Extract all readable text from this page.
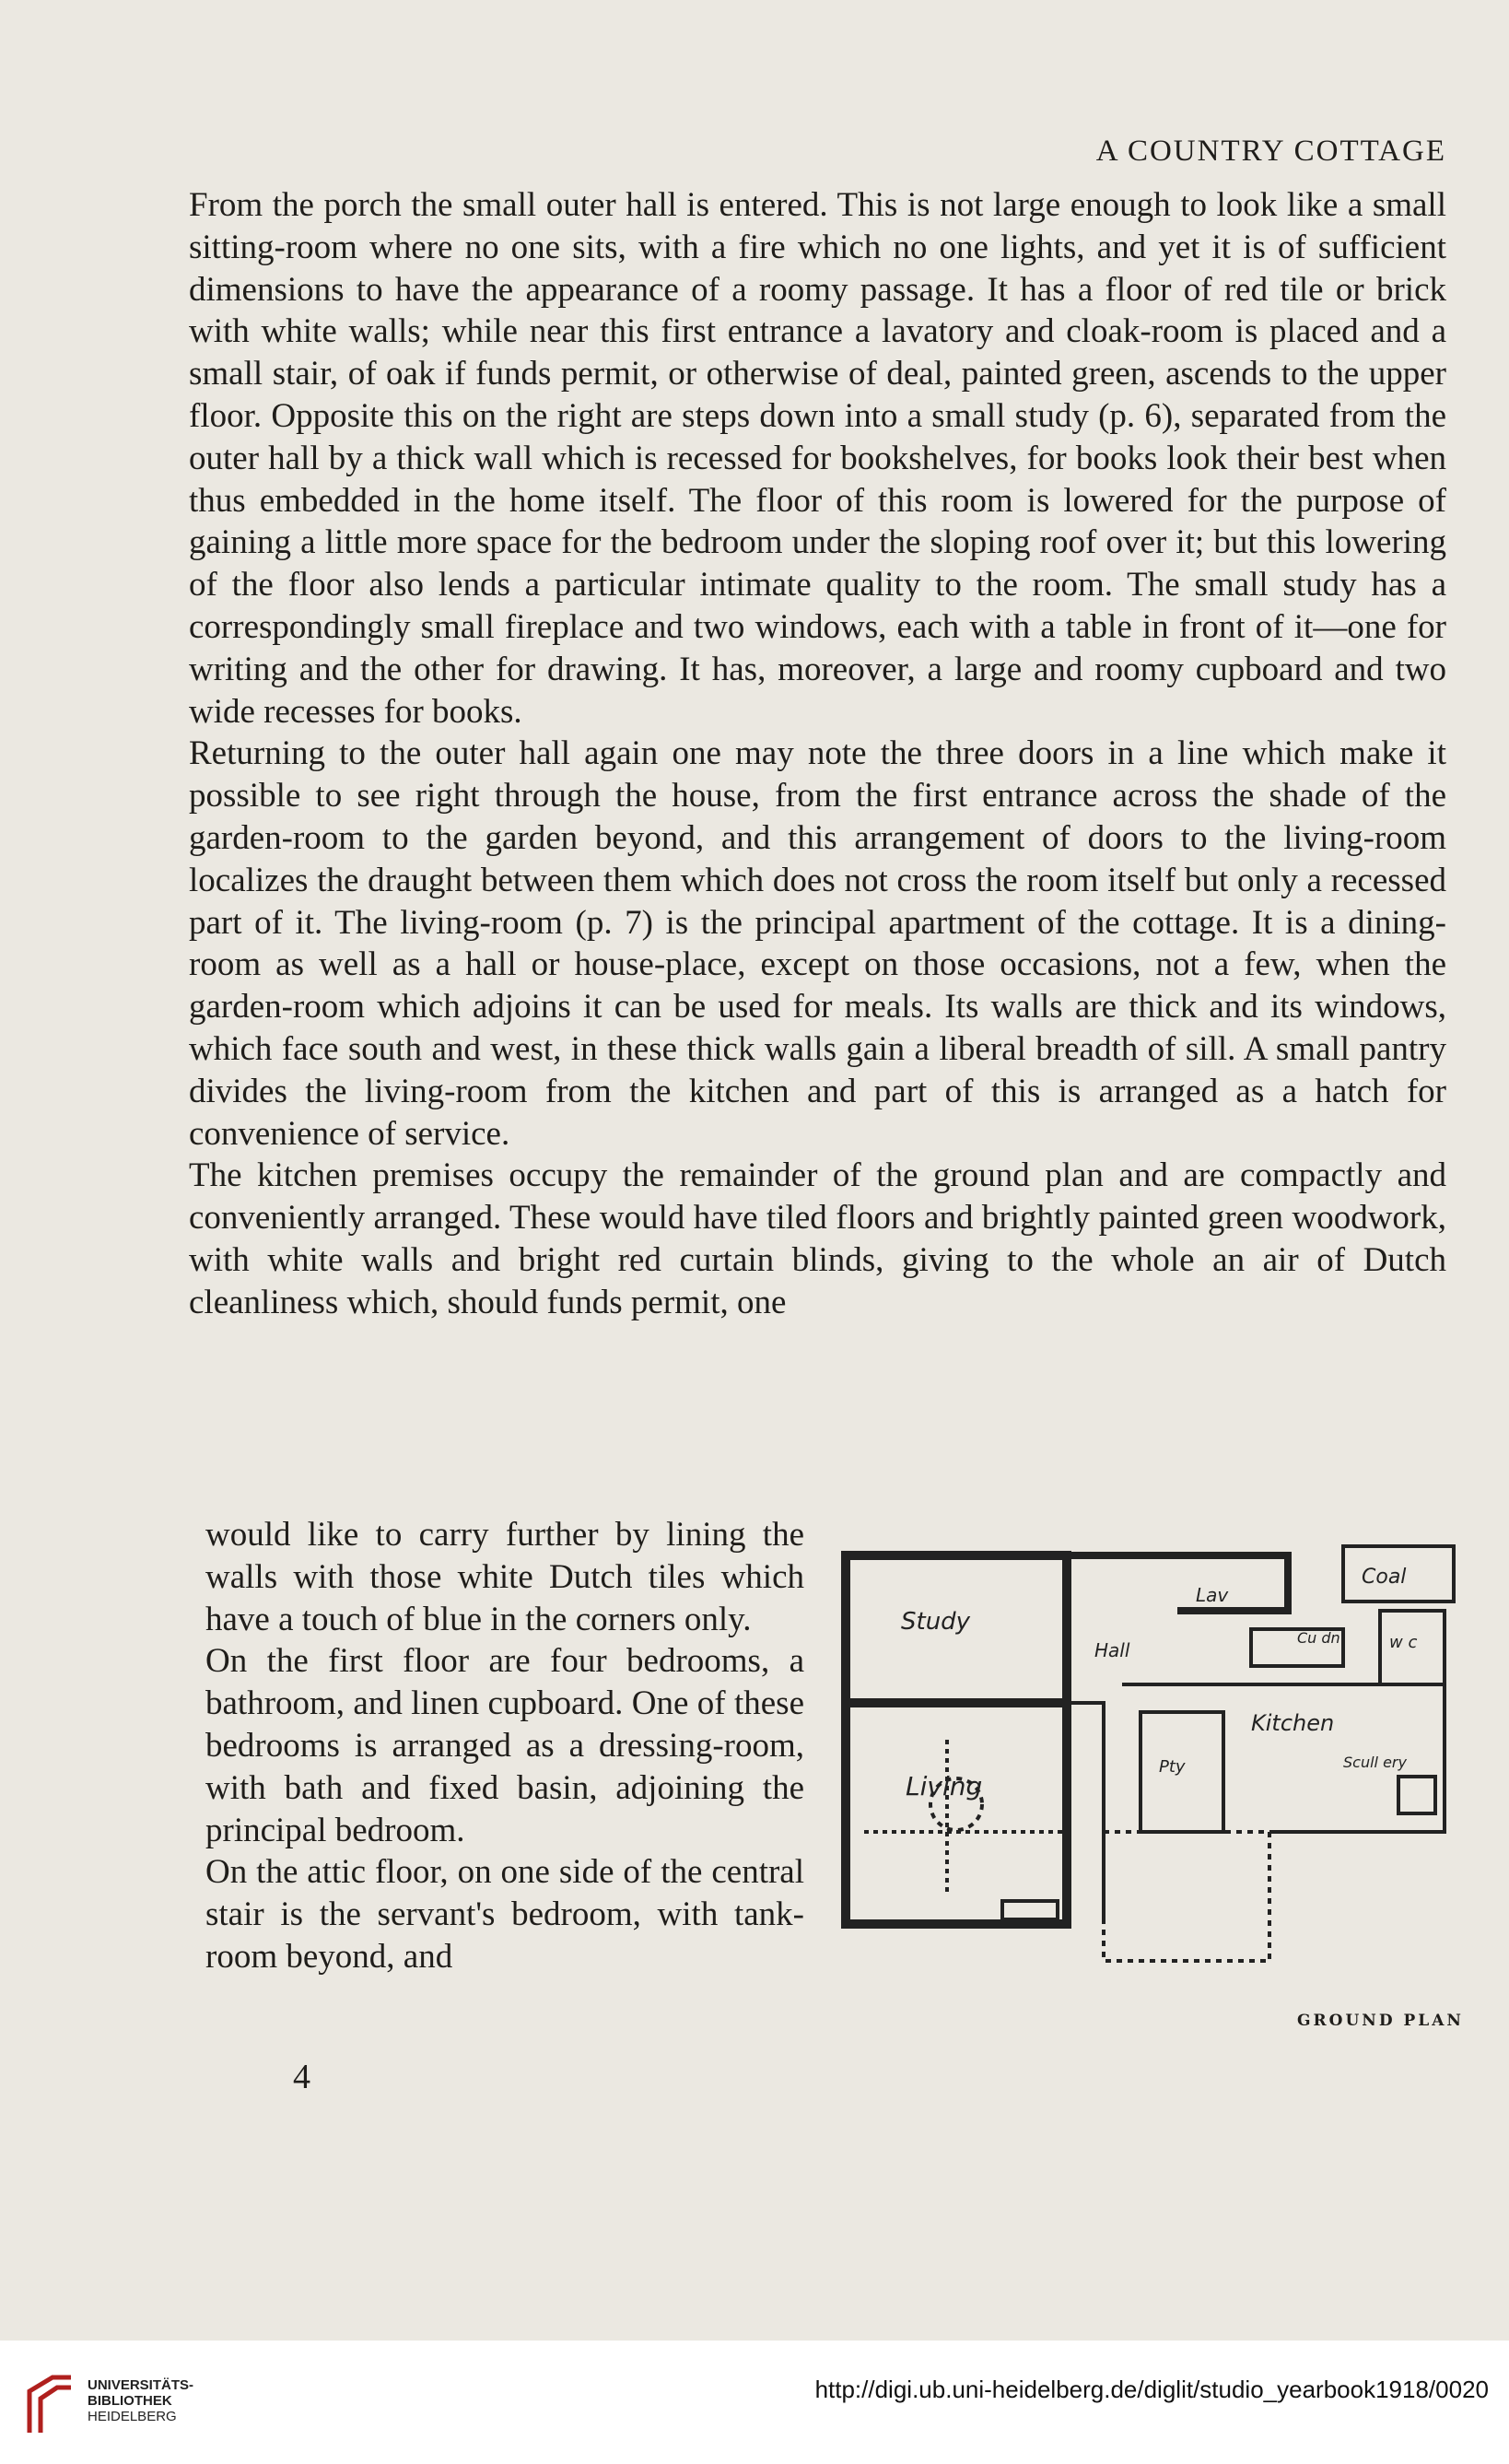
A COUNTRY COTTAGE

From the porch the small outer hall is entered. This is not large enough to look like a small sitting-room where no one sits, with a fire which no one lights, and yet it is of sufficient dimensions to have the appearance of a roomy passage. It has a floor of red tile or brick with white walls; while near this first entrance a lavatory and cloak-room is placed and a small stair, of oak if funds permit, or otherwise of deal, painted green, ascends to the upper floor. Opposite this on the right are steps down into a small study (p. 6), separated from the outer hall by a thick wall which is recessed for bookshelves, for books look their best when thus embedded in the home itself. The floor of this room is lowered for the purpose of gaining a little more space for the bedroom under the sloping roof over it; but this lowering of the floor also lends a particular intimate quality to the room. The small study has a correspondingly small fireplace and two windows, each with a table in front of it—one for writing and the other for drawing. It has, moreover, a large and roomy cupboard and two wide recesses for books.

Returning to the outer hall again one may note the three doors in a line which make it possible to see right through the house, from the first entrance across the shade of the garden-room to the garden beyond, and this arrangement of doors to the living-room localizes the draught between them which does not cross the room itself but only a recessed part of it. The living-room (p. 7) is the principal apartment of the cottage. It is a dining-room as well as a hall or house-place, except on those occasions, not a few, when the garden-room which adjoins it can be used for meals. Its walls are thick and its windows, which face south and west, in these thick walls gain a liberal breadth of sill. A small pantry divides the living-room from the kitchen and part of this is arranged as a hatch for convenience of service.

The kitchen premises occupy the remainder of the ground plan and are compactly and conveniently arranged. These would have tiled floors and brightly painted green woodwork, with white walls and bright red curtain blinds, giving to the whole an air of Dutch cleanliness which, should funds permit, one

would like to carry further by lining the walls with those white Dutch tiles which have a touch of blue in the corners only.

On the first floor are four bedrooms, a bathroom, and linen cupboard. One of these bedrooms is arranged as a dressing-room, with bath and fixed basin, adjoining the principal bedroom.

On the attic floor, on one side of the central stair is the servant's bedroom, with tank-room beyond, and

4
Study
Hall
Lav
Coal
w c
Kitchen
Scull ery
Living
Pty
Cu dn
GROUND PLAN
UNIVERSITÄTS-
BIBLIOTHEK
HEIDELBERG
http://digi.ub.uni-heidelberg.de/diglit/studio_yearbook1918/0020
